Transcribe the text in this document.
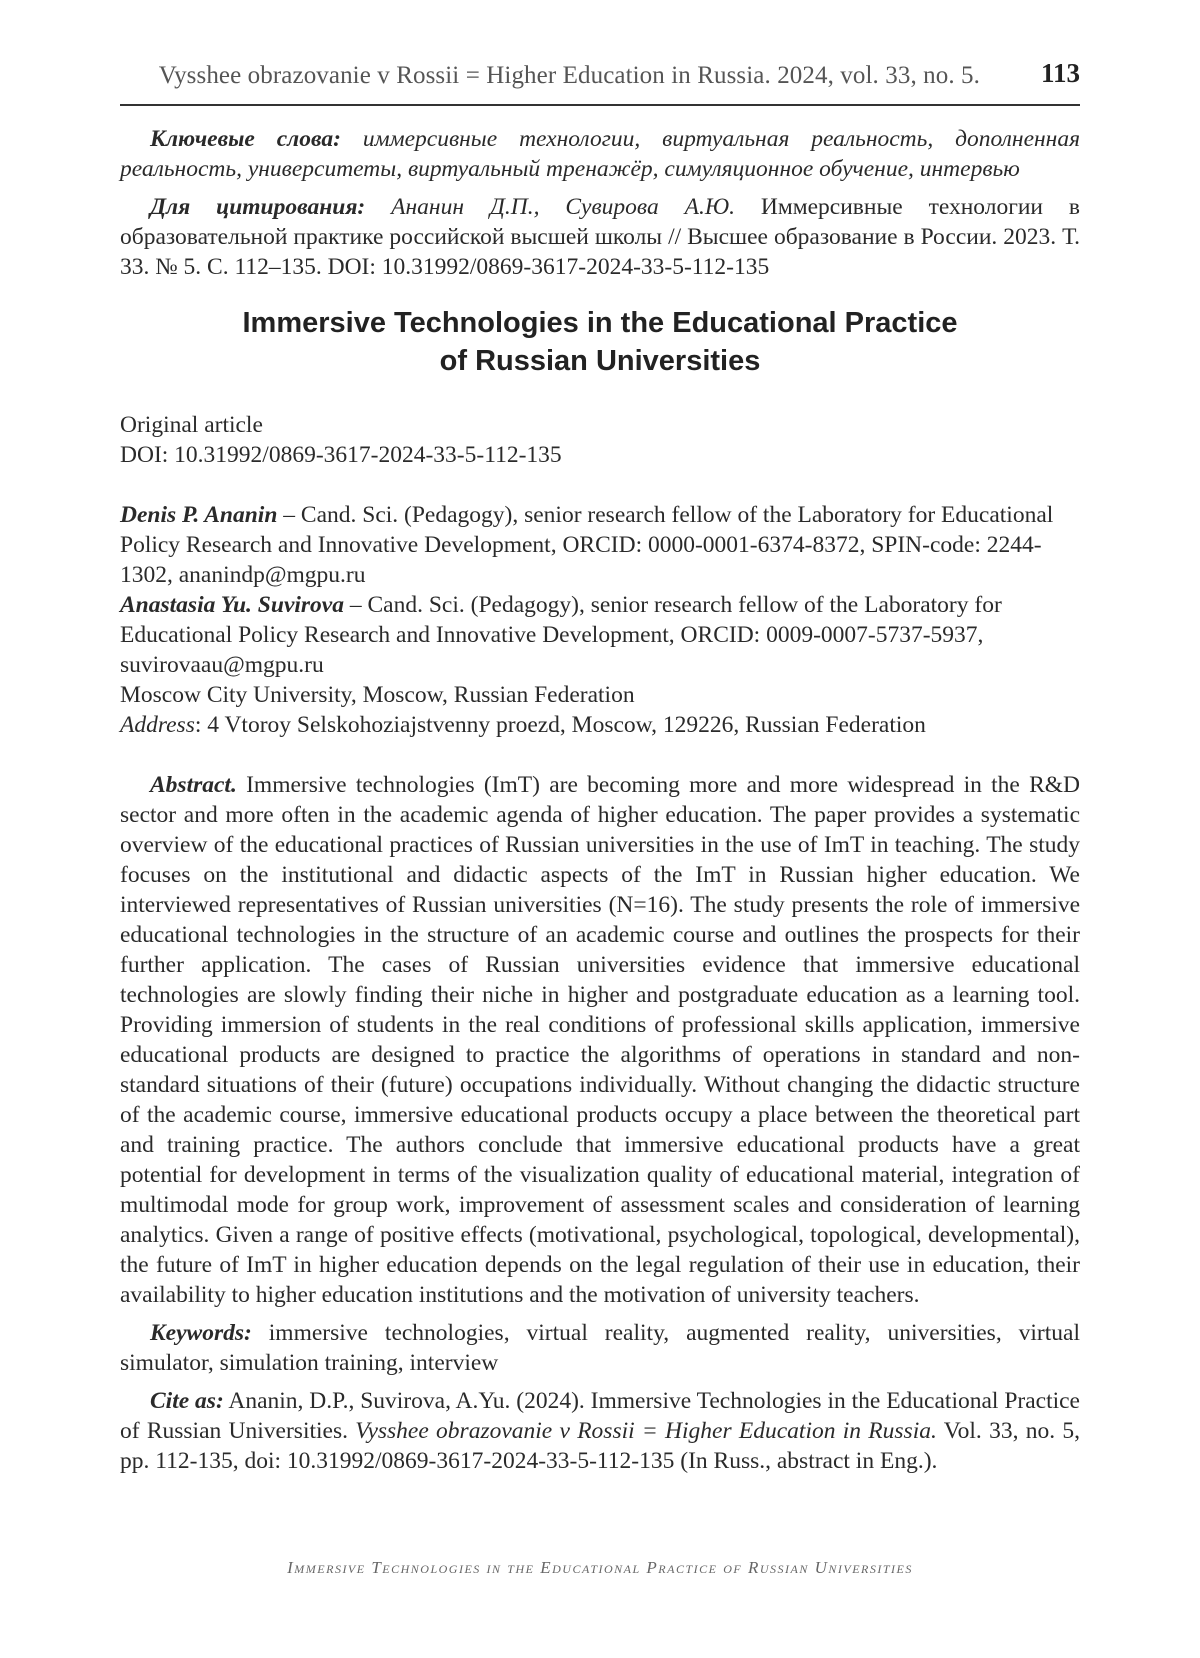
Vysshee obrazovanie v Rossii = Higher Education in Russia. 2024, vol. 33, no. 5. 113

Ключевые слова: иммерсивные технологии, виртуальная реальность, дополненная реальность, университеты, виртуальный тренажёр, симуляционное обучение, интервью

Для цитирования: Ананин Д.П., Сувирова А.Ю. Иммерсивные технологии в образовательной практике российской высшей школы // Высшее образование в России. 2023. Т. 33. № 5. С. 112–135. DOI: 10.31992/0869-3617-2024-33-5-112-135

Immersive Technologies in the Educational Practice
of Russian Universities

Original article
DOI: 10.31992/0869-3617-2024-33-5-112-135

Denis P. Ananin – Cand. Sci. (Pedagogy), senior research fellow of the Laboratory for Educational Policy Research and Innovative Development, ORCID: 0000-0001-6374-8372, SPIN-code: 2244-1302, ananindp@mgpu.ru
Anastasia Yu. Suvirova – Cand. Sci. (Pedagogy), senior research fellow of the Laboratory for Educational Policy Research and Innovative Development, ORCID: 0009-0007-5737-5937, suvirovaau@mgpu.ru
Moscow City University, Moscow, Russian Federation
Address: 4 Vtoroy Selskohoziajstvenny proezd, Moscow, 129226, Russian Federation

Abstract. Immersive technologies (ImT) are becoming more and more widespread in the R&D sector and more often in the academic agenda of higher education. The paper provides a systematic overview of the educational practices of Russian universities in the use of ImT in teaching. The study focuses on the institutional and didactic aspects of the ImT in Russian higher education. We interviewed representatives of Russian universities (N=16). The study presents the role of immersive educational technologies in the structure of an academic course and outlines the prospects for their further application. The cases of Russian universities evidence that immersive educational technologies are slowly finding their niche in higher and postgraduate education as a learning tool. Providing immersion of students in the real conditions of professional skills application, immersive educational products are designed to practice the algorithms of operations in standard and non-standard situations of their (future) occupations individually. Without changing the didactic structure of the academic course, immersive educational products occupy a place between the theoretical part and training practice. The authors conclude that immersive educational products have a great potential for development in terms of the visualization quality of educational material, integration of multimodal mode for group work, improvement of assessment scales and consideration of learning analytics. Given a range of positive effects (motivational, psychological, topological, developmental), the future of ImT in higher education depends on the legal regulation of their use in education, their availability to higher education institutions and the motivation of university teachers.

Keywords: immersive technologies, virtual reality, augmented reality, universities, virtual simulator, simulation training, interview

Cite as: Ananin, D.P., Suvirova, A.Yu. (2024). Immersive Technologies in the Educational Practice of Russian Universities. Vysshee obrazovanie v Rossii = Higher Education in Russia. Vol. 33, no. 5, pp. 112-135, doi: 10.31992/0869-3617-2024-33-5-112-135 (In Russ., abstract in Eng.).

Immersive Technologies in the Educational Practice of Russian Universities
